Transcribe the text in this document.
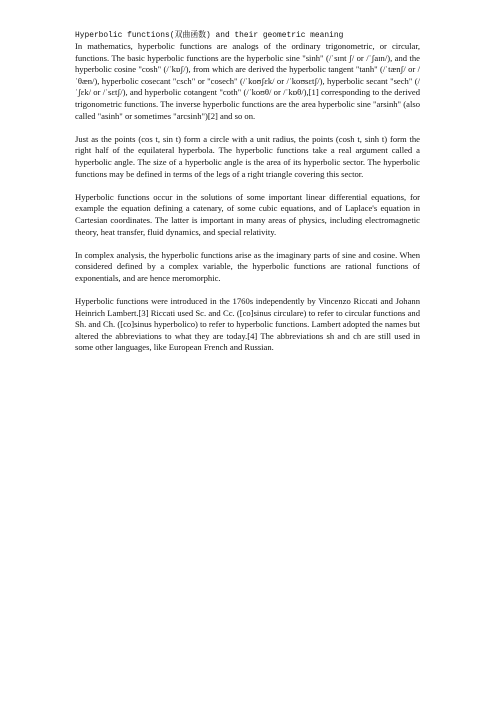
Hyperbolic functions(双曲函数) and their geometric meaning

In mathematics, hyperbolic functions are analogs of the ordinary trigonometric, or circular, functions. The basic hyperbolic functions are the hyperbolic sine "sinh" (/ˈsɪnt ʃ/ or /ˈʃaɪn/), and the hyperbolic cosine "cosh" (/ˈkɒʃ/), from which are derived the hyperbolic tangent "tanh" (/ˈtænʃ/ or /ˈθæn/), hyperbolic cosecant "csch" or "cosech" (/ˈkoʊʃɛk/ or /ˈkoʊsɛtʃ/), hyperbolic secant "sech" (/ˈʃɛk/ or /ˈsɛtʃ/), and hyperbolic cotangent "coth" (/ˈkoʊθ/ or /ˈkɒθ/),[1] corresponding to the derived trigonometric functions. The inverse hyperbolic functions are the area hyperbolic sine "arsinh" (also called "asinh" or sometimes "arcsinh")[2] and so on.

Just as the points (cos t, sin t) form a circle with a unit radius, the points (cosh t, sinh t) form the right half of the equilateral hyperbola. The hyperbolic functions take a real argument called a hyperbolic angle. The size of a hyperbolic angle is the area of its hyperbolic sector. The hyperbolic functions may be defined in terms of the legs of a right triangle covering this sector.

Hyperbolic functions occur in the solutions of some important linear differential equations, for example the equation defining a catenary, of some cubic equations, and of Laplace's equation in Cartesian coordinates. The latter is important in many areas of physics, including electromagnetic theory, heat transfer, fluid dynamics, and special relativity.

In complex analysis, the hyperbolic functions arise as the imaginary parts of sine and cosine. When considered defined by a complex variable, the hyperbolic functions are rational functions of exponentials, and are hence meromorphic.

Hyperbolic functions were introduced in the 1760s independently by Vincenzo Riccati and Johann Heinrich Lambert.[3] Riccati used Sc. and Cc. ([co]sinus circulare) to refer to circular functions and Sh. and Ch. ([co]sinus hyperbolico) to refer to hyperbolic functions. Lambert adopted the names but altered the abbreviations to what they are today.[4] The abbreviations sh and ch are still used in some other languages, like European French and Russian.
